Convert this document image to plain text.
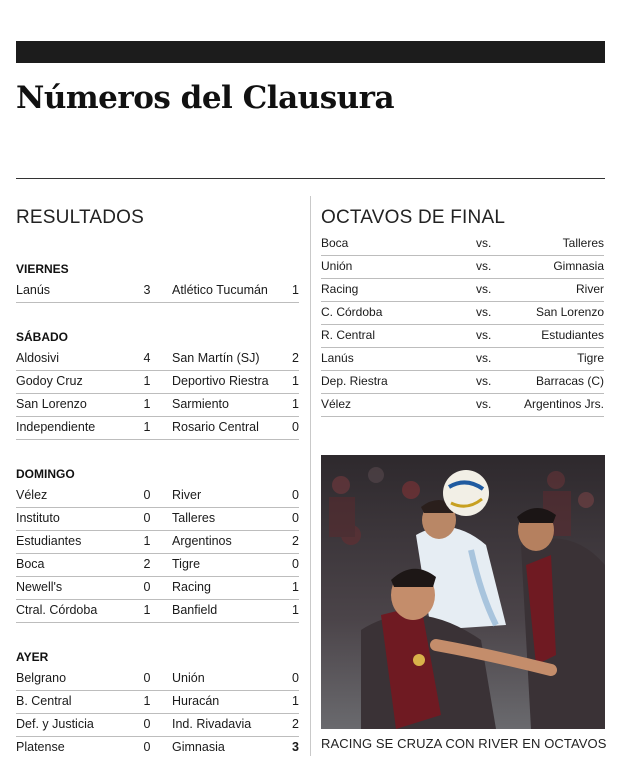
Números del Clausura
RESULTADOS
VIERNES
Lanús	3 Atlético Tucumán	1
SÁBADO
Aldosivi	4 San Martín (SJ)	2
Godoy Cruz	1 Deportivo Riestra	1
San Lorenzo	1 Sarmiento	1
Independiente	1 Rosario Central	0
DOMINGO
Vélez	0 River	0
Instituto	0 Talleres	0
Estudiantes	1 Argentinos	2
Boca	2 Tigre	0
Newell's	0 Racing	1
Ctral. Córdoba	1 Banfield	1
AYER
Belgrano	0 Unión	0
B. Central	1 Huracán	1
Def. y Justicia	0 Ind. Rivadavia	2
Platense	0 Gimnasia	3
OCTAVOS DE FINAL
Boca	vs.	Talleres
Unión	vs.	Gimnasia
Racing	vs.	River
C. Córdoba	vs.	San Lorenzo
R. Central	vs.	Estudiantes
Lanús	vs.	Tigre
Dep. Riestra	vs.	Barracas (C)
Vélez	vs.	Argentinos Jrs.
RACING SE CRUZA CON RIVER EN OCTAVOS
